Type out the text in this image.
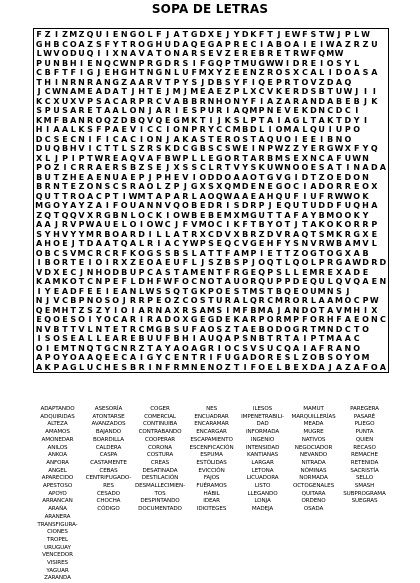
SOPA DE LETRAS
F Z I Z M Z Q U I E N G O L F J A T G D X E J Y D K F T J E W F S T W J P L W
G H B C O A Z S F Y T R O G H U D A Q E G A P R E C I A B O A I E I W A Z R Z U
L W V O D U Q I I X N A V A T O N A R S E V Z E R E B R E T R W F Q M W
P U N B H I E N Q C W N P R G D R S I F G Q P T M U G W W I D R E I O S Y L
C B F T F I G J E H G H T N G N L U F M X Y Z E E N Z R O S X C A L I D O A S A
T H I N R N R A N G Z A A R V T P Y S J D B S Y F I Q E P R T O V Z D A Q
J C W N A M E A D A T J H T E J M J M E A E Z P L X C V K E R D S B T U W J I I
K C X U X V P S A C A R P R C V A B B R N H O N Y F I A Z A R A N D A B E B J K
S P U S A R E T A A L O N J A R I E S P U R I A Q M P N E V E K D N C D C I
K M F B A N R O Q Z D B Q V Q E G M K T I J K S L P T A I A G L T A K T D Y I
H I A A L K S F P A E V I C C I O N P R Y C C M B D L I O M A L Q U I U P O
D C S E C N I F I C A C I O N J A K A S T E R O S T A Q U O I E E I B N O
D U Q B H V I C T T L S Z R S K D C G B S C S W E I N P W Z Z Y E R G W X F Y Q
X L J P I P T W R E A Q V A F B W P L L E G O R T A R B M S E X N C A F U W N
P O Z I C R R A E R S B Z S E J X S S C L R T V Y S K U W N O O E S A T I N A D A
B U T Z H E A E N U A E P J P H E V I O D D O A A O T G V G I D T Z O E D O N
B R N T E Z O N S C S R A O L Z P J G X S X Q M D E N E G O C I A D O R R E O X
Q U T T R O A C P T I W M T A P A R L A O Q W A A E A H Q U F I U F R W W O K
M G O Y A Y Z A I F O U A N N V Q O B E D R I S D R P J E Q U T U D D F U Q H A
Z Q T Q Q V X R G B N L O C K I O W B E B E M X M G U T T A F A Y B M O O K Y
A A J R V P W A U E L O I O W C J F V M O C I K F T B Y O T J T A K O K O R R P
S Y H V Y Y M R B O A R D I L L A T R X C D V X B R Z D V R A Q T S M K R G X E
A H O E J T D A A T Q A L R I A C Y W P S E Q C V G E H F Y S N V R W B A M V L
O B C S V M C R C R F K O G S S B S L A T T F A M P I E T T Z O G T O G X A B
I B O R T E I O I R X Z E O A E U F L J S Z B S P J O Q T L Q O L P R G A W D R D
V D X E C J N H O D B U P C A S T A M E N T F R G E Q P S L L E M R E X A D E
K A M K O T C N P E F L D H F W F O C N O T A U O R Q U P P D E Q U L Q V Q A E N
I Y E A D F E E I E A N L W S S Q T G K P O E S T M S T B Q E O U M N S J
N J V C B P N O S O J R R P E O Z C O S T U R A L Q R C M R O R L A A M O C P W
Q E M H T Z S Z Y I O I A R N A X R S A M S I M F B M A J A N D O T A V M H I X
E Q O E S O I Y O C A R I R A D O X G E G D E K A R P O R M P F O R H F A E O N C
N V B T T V L N T E T R C M G B S U F A O S Z T A E B O D O G R T M N D C T O
I S O S E A L L E A R E B U U F B H I A U Q A P S N B T R T A I P T M A A C
O I E M T N Q T G C N R Z T A Y A O A G R I O C S V S U C Q A I A F R A N O
A P O Y O A A Q E E C A I G Y C E N T R I F U G A D O R E S L Z O B S O Y O M
A K P A G L U C H E S B R I N F R M N E N O Z T I F O E L B E X D A J A Z A F O A
ADAPTANDO
ADQUIRIDAS
ALTEZA
AMAMOS
AMONEDAR
ANILOS
ANKOA
ANFORA
ANGEL
APARECIDO
APESTOSO
APOYO
ARRANCAN
ARAÑA
ARANERA
ASESORÍA
ATONTARSE
AVANZADOS
BAJANDO
BOARDILLA
CALDERA
CASPA
CASTAMENTE
CEBAS
CENTRIFUGADO-
RES
CESADO
CHOCHA
CÓDIGO
COGER
COMERCIAL
CONTINUIBA
CONTRABANDO
COOPERAR
CORONA
COSTURA
CREAS
DESATINADA
DESTILACIÓN
DESMALLECIMIEN-
TOS
DESPINTANDO
DOCUMENTADO
NES
ENCUADRAR
ENCARAMAR
ENCARGAR
ESCAPAMIENTO
ESCENFICACIÓN
ESPUMA
ESTÓLIDAS
EVICCIÓN
FAJOS
FUÉRAMOS
HÁBIL
IDEAR
IDIOTEGES
ILESOS
IMPENETRABILI-
DAD
INFORMADA
INGENIO
INTENSIDAD
KANTIANAS
LARGAR
LETONA
LICUADORA
LISTO
LLEGANDO
LONJA
MADEJA
MAMUT
MARQUILLERÍAS
MEADA
MUGRE
NATIVOS
NEGOCIADOR
NEVANDO
NITRADA
NÓMINAS
NORMADA
OCTOGENALES
QUITARA
ORDENO
OSADA
PAREGERA
PASARÉ
PLIEGO
PUNTA
QUIEN
RECASO
REMACHE
RETENIDA
SACRISTÍA
SELLO
SMASH
SUBPROGRAMA
SUEGRAS
TRANSFIGURA-
CIONES
TROPEL
URUGUAY
VENCEDOR
VISIRES
YAGUAR
ZARANDA
